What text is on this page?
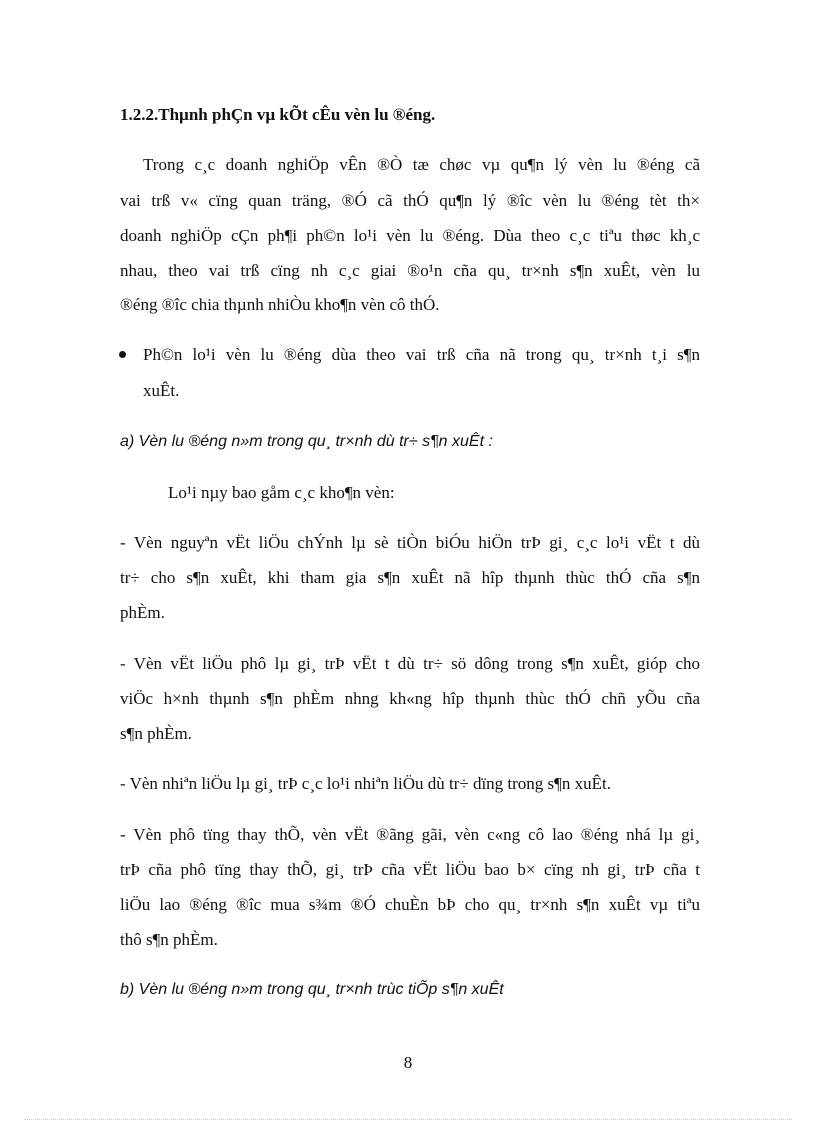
1.2.2.Thµnh phÇn vµ kÕt cÊu vèn lu ®éng.
Trong c¸c doanh nghiÖp vÊn ®Ò tæ chøc vµ qu¶n lý vèn lu ®éng cã
vai trß v« cïng quan träng, ®Ó cã thÓ qu¶n lý ®îc vèn lu ®éng tèt th×
doanh nghiÖp cÇn ph¶i ph©n lo¹i vèn lu ®éng. Dùa theo c¸c tiªu thøc kh¸c
nhau, theo vai trß cïng nh c¸c giai ®o¹n cña qu¸ tr×nh s¶n xuÊt, vèn lu
®éng ®îc chia thµnh nhiÒu kho¶n vèn cô thÓ.
Ph©n lo¹i vèn lu ®éng dùa theo vai trß cña nã trong qu¸ tr×nh t¸i s¶n
xuÊt.
a) Vèn lu ®éng n»m trong qu¸ tr×nh dù tr÷ s¶n xuÊt :
Lo¹i nµy bao gåm c¸c kho¶n vèn:
- Vèn nguyªn vËt liÖu chÝnh lµ sè tiÒn biÓu hiÖn trÞ gi¸ c¸c lo¹i vËt t dù
tr÷ cho s¶n xuÊt, khi tham gia s¶n xuÊt nã hîp thµnh thùc thÓ cña s¶n
phÈm.
- Vèn vËt liÖu phô lµ gi¸ trÞ vËt t dù tr÷ sö dông trong s¶n xuÊt, gióp cho
viÖc h×nh thµnh s¶n phÈm nhng kh«ng hîp thµnh thùc thÓ chñ yÕu cña
s¶n phÈm.
- Vèn nhiªn liÖu lµ gi¸ trÞ c¸c lo¹i nhiªn liÖu dù tr÷ dïng trong s¶n xuÊt.
- Vèn phô tïng thay thÕ, vèn vËt ®ãng gãi, vèn c«ng cô lao ®éng nhá lµ gi¸
trÞ cña phô tïng thay thÕ, gi¸ trÞ cña vËt liÖu bao b× cïng nh gi¸ trÞ cña t
liÖu lao ®éng ®îc mua s¾m ®Ó chuÈn bÞ cho qu¸ tr×nh s¶n xuÊt vµ tiªu
thô s¶n phÈm.
b) Vèn lu ®éng n»m trong qu¸ tr×nh trùc tiÕp s¶n xuÊt
8
